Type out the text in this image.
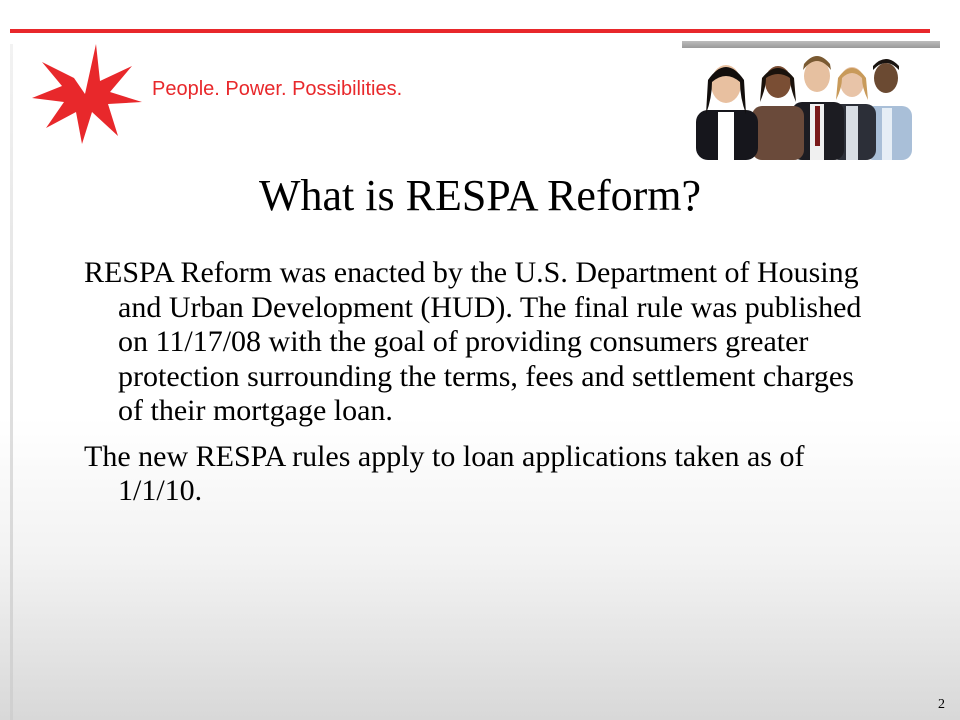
People. Power. Possibilities.
What is RESPA Reform?

RESPA Reform was enacted by the U.S. Department of Housing and Urban Development (HUD). The final rule was published on 11/17/08 with the goal of providing consumers greater protection surrounding the terms, fees and settlement charges of their mortgage loan.

The new RESPA rules apply to loan applications taken as of 1/1/10.

2
